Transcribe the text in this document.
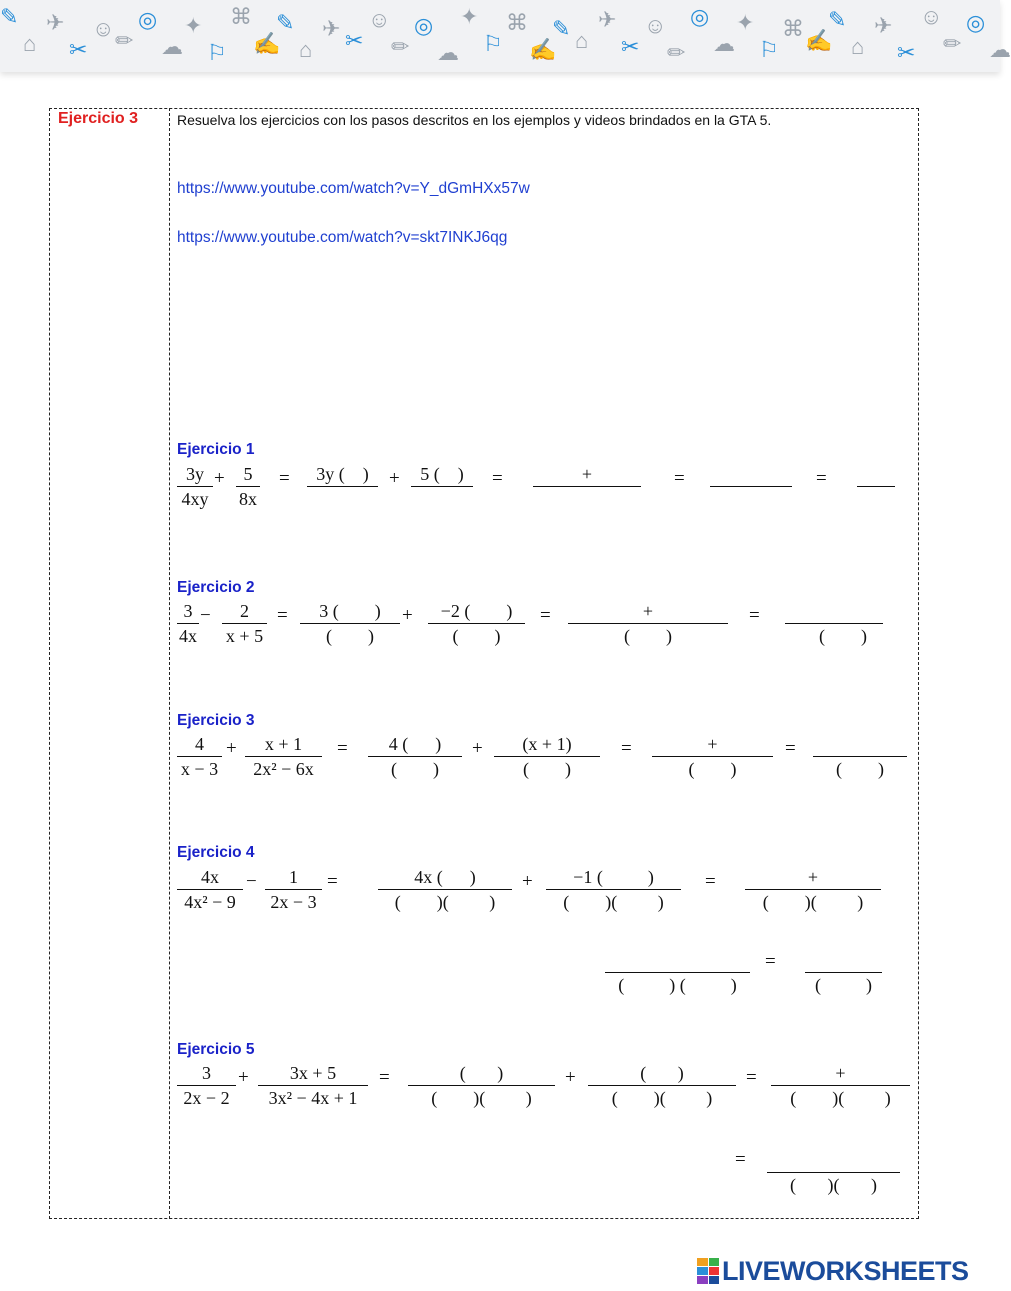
✎
⌂
✈
✂
☺ ✏
◎
☁
✦
⚐
⌘
✍
✎
⌂
✈ ✂
☺
✏
◎
☁
✦
⚐
⌘
✍
✎ ⌂
✈
✂
☺
✏
◎
☁
✦
⚐
⌘ ✍
✎
⌂
✈
✂
☺
✏
◎
☁
Ejercicio 3	Resuelva los ejercicios con los pasos descritos en los ejemplos y videos brindados en la GTA 5.
https://www.youtube.com/watch?v=Y_dGmHXx57w
https://www.youtube.com/watch?v=skt7INKJ6qg
Ejercicio 1
3y
4xy
+	5
8x
=	3y (    )	+	5 (    )	=	+	=	=
Ejercicio 2
3
4x
−	2
x + 5
=	3 (        )
(        )
+	−2 (        )
(        )
=	+
(        )
=
(        )
Ejercicio 3
4
x − 3
+	x + 1
2x² − 6x
=	4 (      )
(        )
+	(x + 1)
(        )
=	+
(        )
=
(        )
Ejercicio 4
4x
4x² − 9
−	1
2x − 3
=	4x (      )
(        )(         )
+	−1 (          )
(        )(         )
=	+
(        )(         )
(          ) (          )
=
(          )
Ejercicio 5
3
2x − 2
+	3x + 5
3x² − 4x + 1
=	(       )
(        )(         )
+	(       )
(        )(         )
=	+
(        )(         )
=
(       )(       )
LIVEWORKSHEETS
